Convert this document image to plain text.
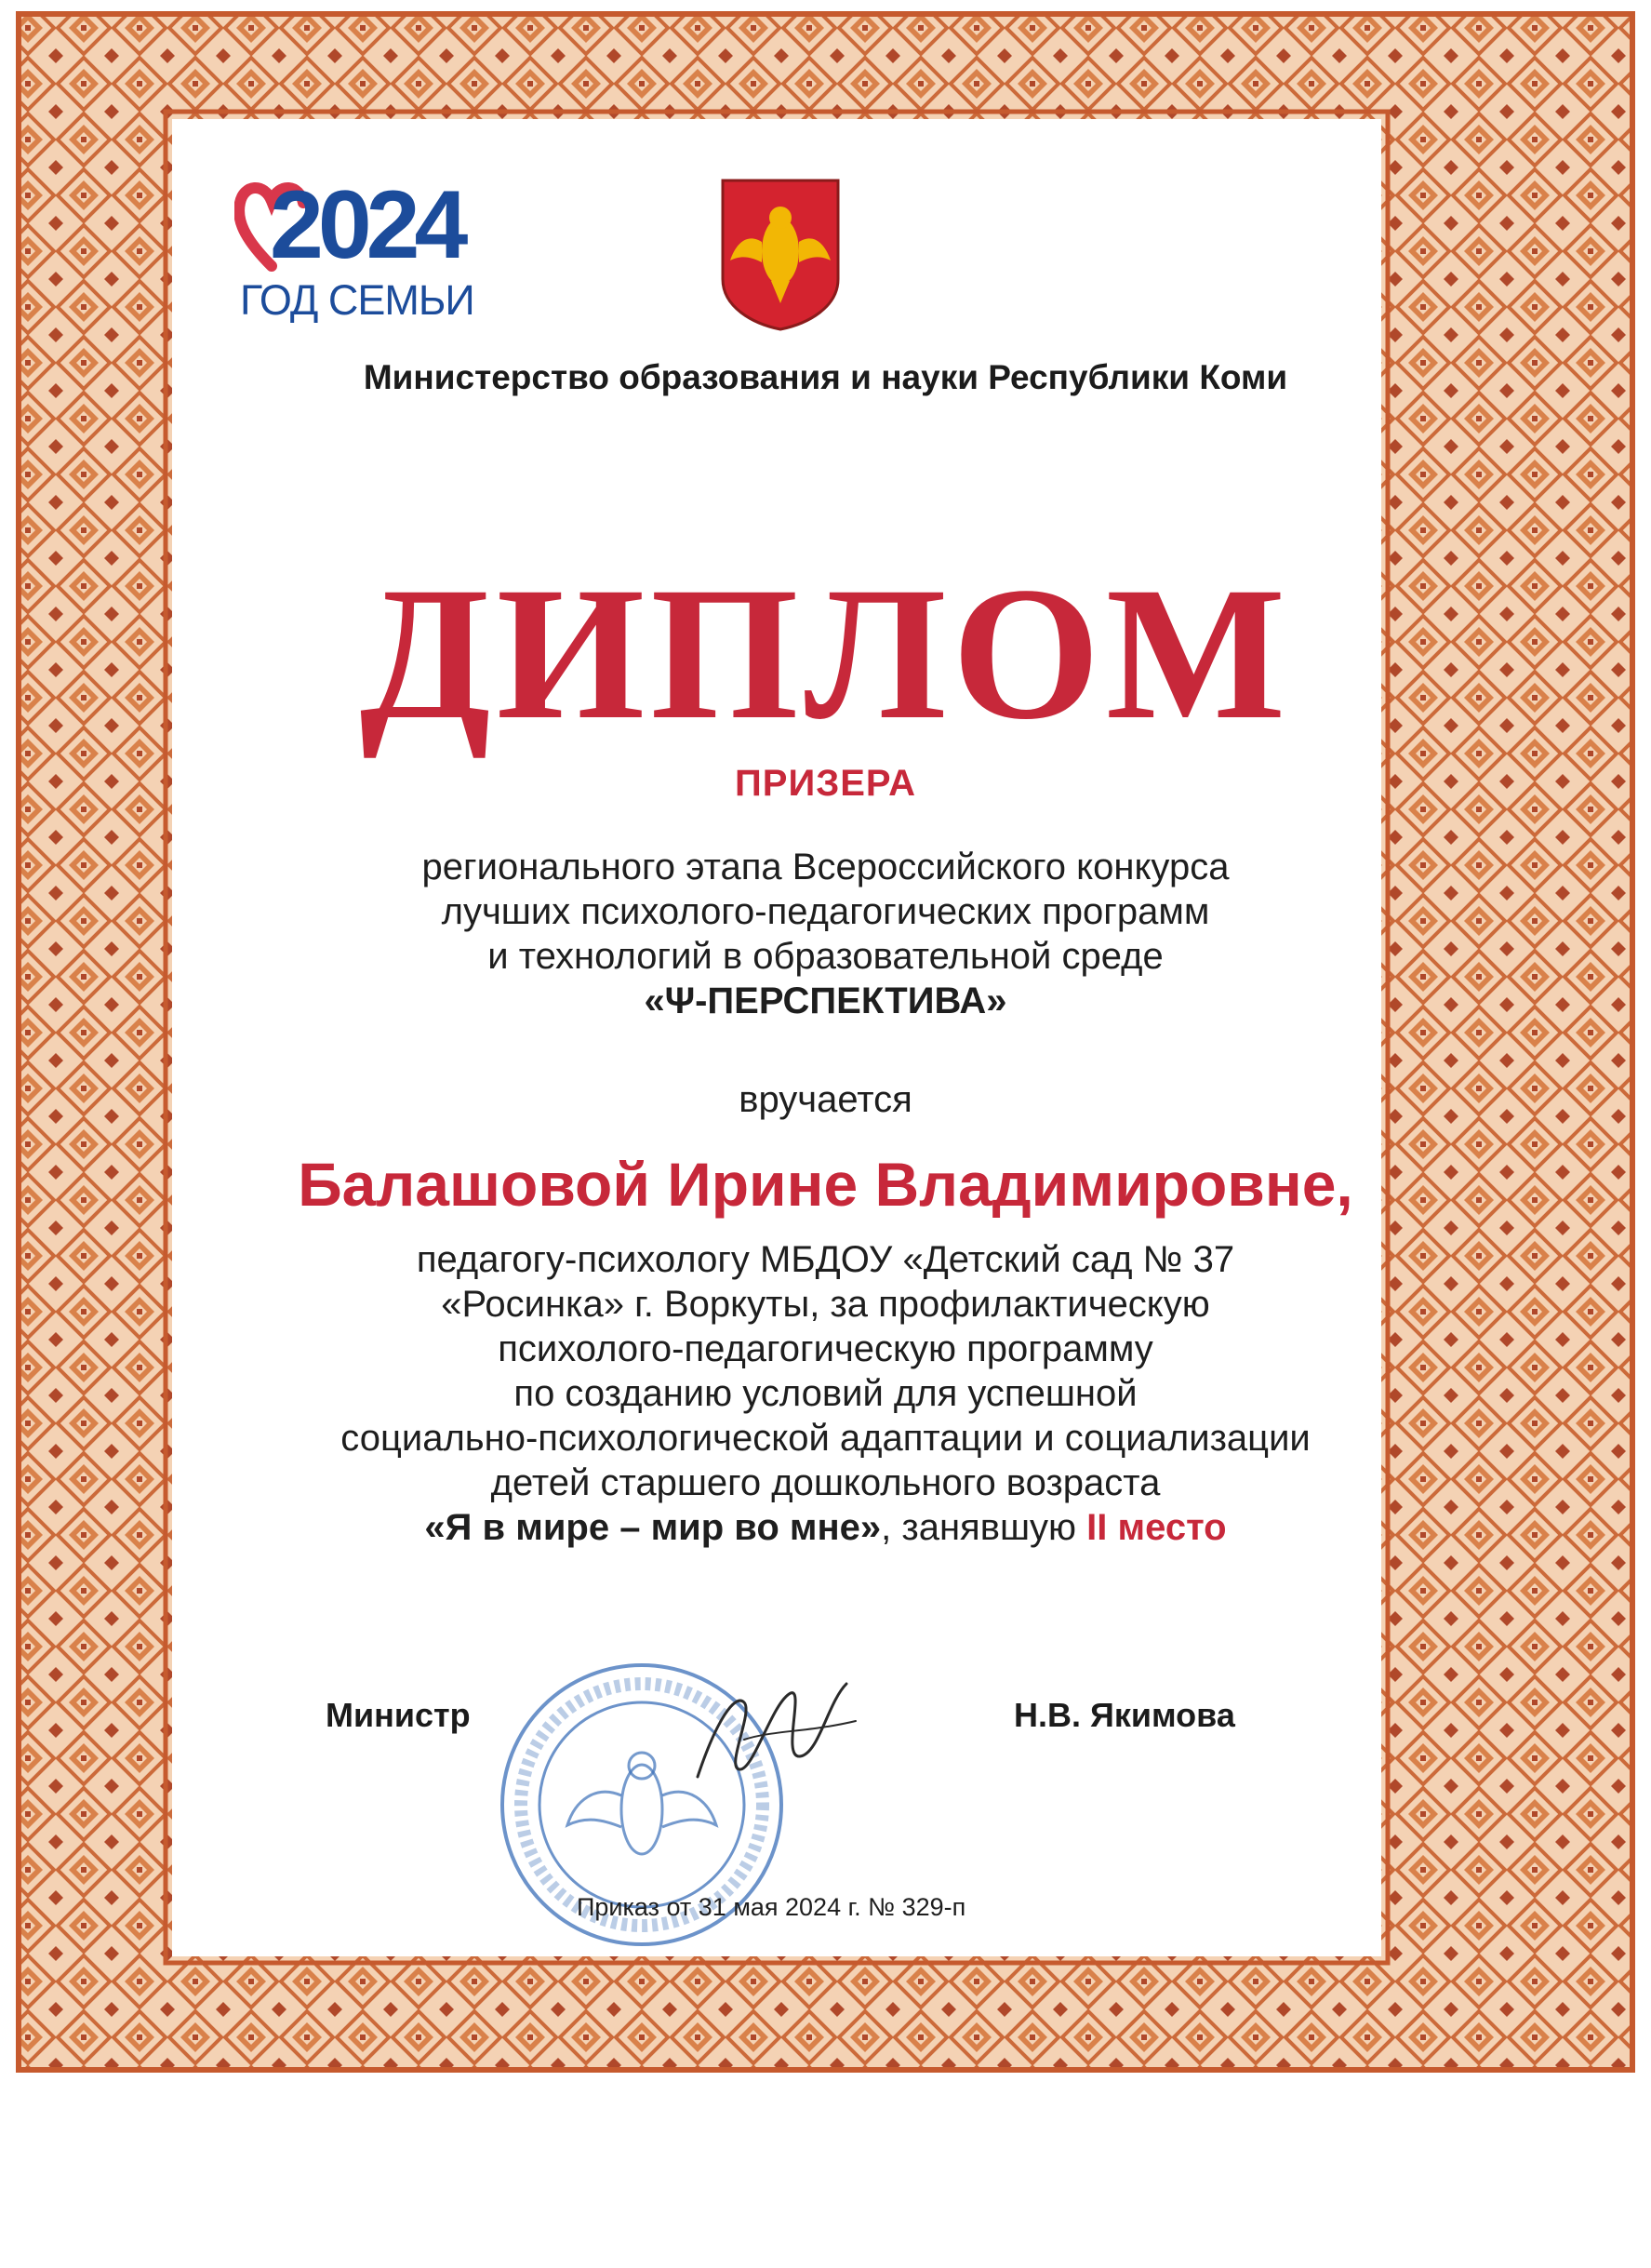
2024
ГОД СЕМЬИ
Министерство образования и науки Республики Коми
ДИПЛОМ
ПРИЗЕРА
регионального этапа Всероссийского конкурса
лучших психолого-педагогических программ
и технологий в образовательной среде
«Ψ-ПЕРСПЕКТИВА»
вручается
Балашовой Ирине Владимировне,
педагогу-психологу МБДОУ «Детский сад № 37
«Росинка» г. Воркуты, за профилактическую
психолого-педагогическую программу
по созданию условий для успешной
социально-психологической адаптации и социализации
детей старшего дошкольного возраста
«Я в мире – мир во мне», занявшую II место
Министр	Н.В. Якимова
Приказ от 31 мая 2024 г. № 329-п
